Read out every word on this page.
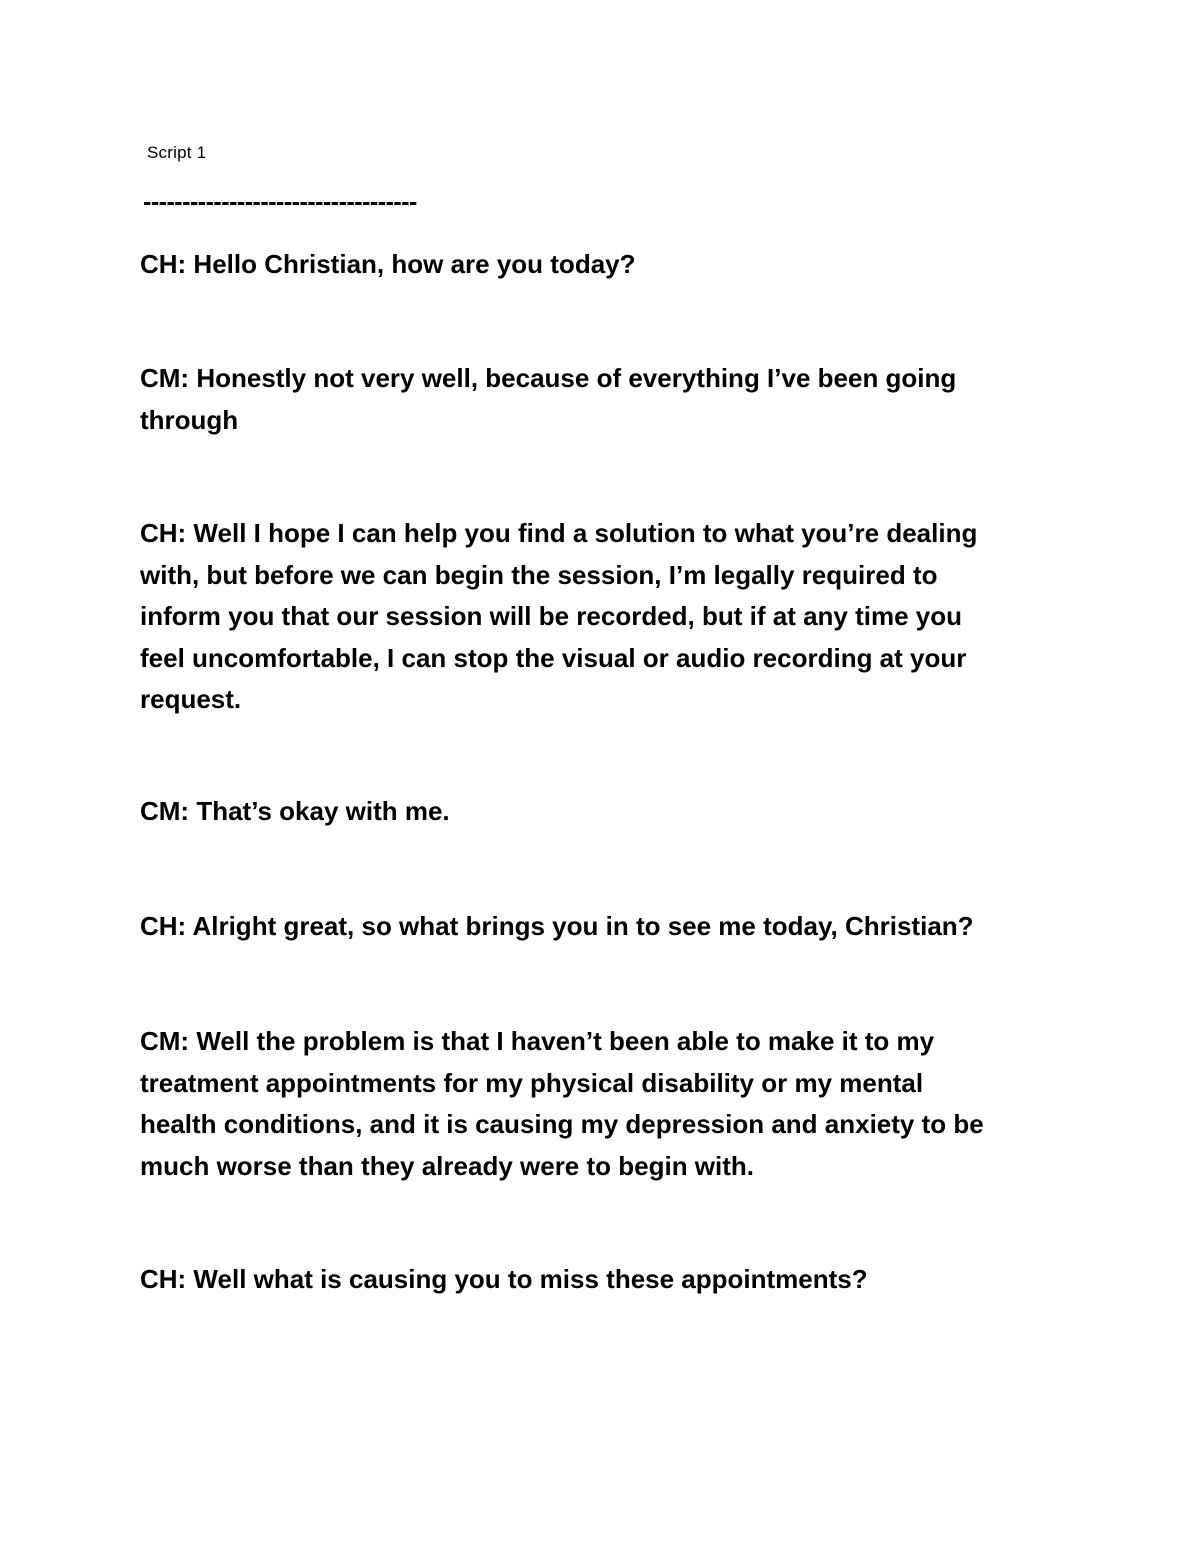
Script 1
-----------------------------------
CH: Hello Christian, how are you today?
CM: Honestly not very well, because of everything I’ve been going
through
CH: Well I hope I can help you find a solution to what you’re dealing
with, but before we can begin the session, I’m legally required to
inform you that our session will be recorded, but if at any time you
feel uncomfortable, I can stop the visual or audio recording at your
request.
CM: That’s okay with me.
CH: Alright great, so what brings you in to see me today, Christian?
CM: Well the problem is that I haven’t been able to make it to my
treatment appointments for my physical disability or my mental
health conditions, and it is causing my depression and anxiety to be
much worse than they already were to begin with.
CH: Well what is causing you to miss these appointments?
